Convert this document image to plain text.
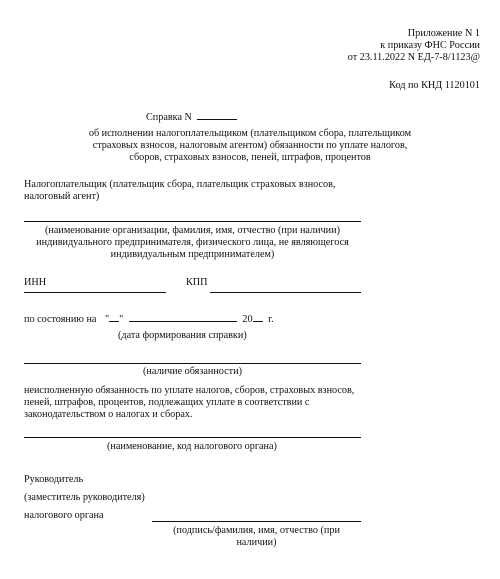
Приложение N 1
к приказу ФНС России
от 23.11.2022 N ЕД-7-8/1123@
Код по КНД 1120101
Справка N
об исполнении налогоплательщиком (плательщиком сбора, плательщиком
страховых взносов, налоговым агентом) обязанности по уплате налогов,
сборов, страховых взносов, пеней, штрафов, процентов
Налогоплательщик (плательщик сбора, плательщик страховых взносов,
налоговый агент)
(наименование организации, фамилия, имя, отчество (при наличии)
индивидуального предпринимателя, физического лица, не являющегося
индивидуальным предпринимателем)
ИНН	КПП
по состоянию на " "	20 г.
(дата формирования справки)
(наличие обязанности)
неисполненную обязанность по уплате налогов, сборов, страховых взносов,
пеней, штрафов, процентов, подлежащих уплате в соответствии с
законодательством о налогах и сборах.
(наименование, код налогового органа)
Руководитель
(заместитель руководителя)
налогового органа
(подпись/фамилия, имя, отчество (при
наличии)
